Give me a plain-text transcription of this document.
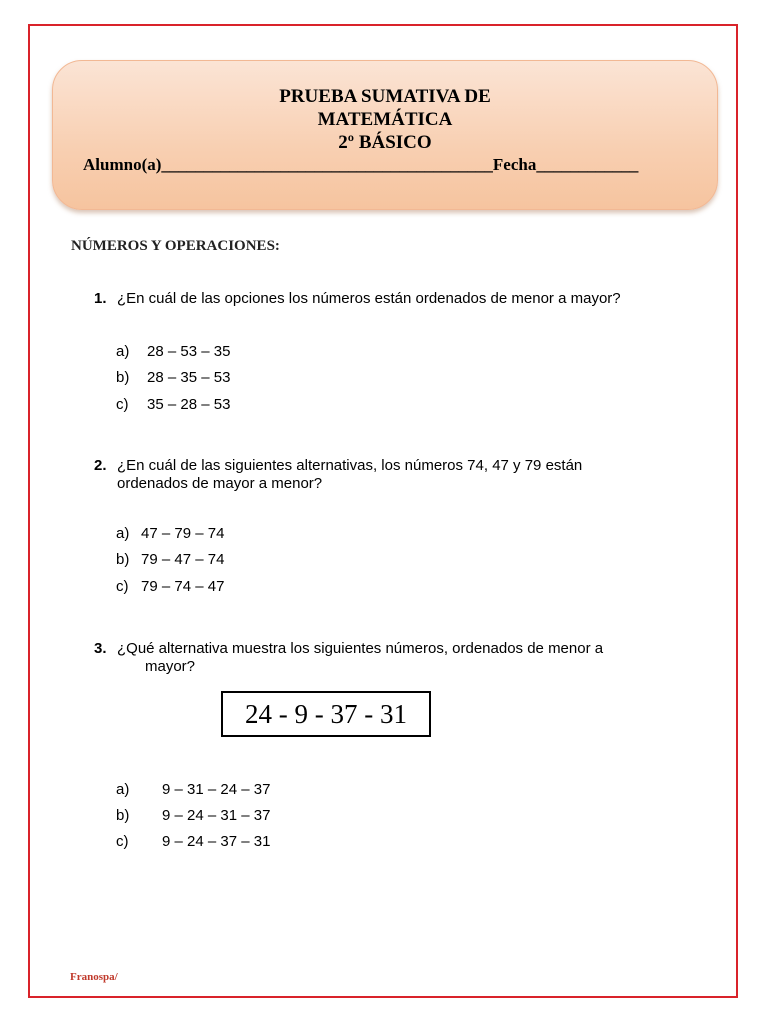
PRUEBA SUMATIVA DE
MATEMÁTICA
2º BÁSICO
Alumno(a)_______________________________________Fecha____________
NÚMEROS Y OPERACIONES:
1. ¿En cuál de las opciones los números están ordenados de menor a mayor?
a) 28 – 53 – 35
b) 28 – 35 – 53
c) 35 – 28 – 53
2. ¿En cuál de las siguientes alternativas, los números 74, 47 y 79 están
ordenados de mayor a menor?
a) 47 – 79 – 74
b) 79 – 47 – 74
c) 79 – 74 – 47
3. ¿Qué alternativa muestra los siguientes números, ordenados de menor a
mayor?
24 - 9 - 37 - 31
a) 9 – 31 – 24 – 37
b) 9 – 24 – 31 – 37
c) 9 – 24 – 37 – 31
Franospa/
